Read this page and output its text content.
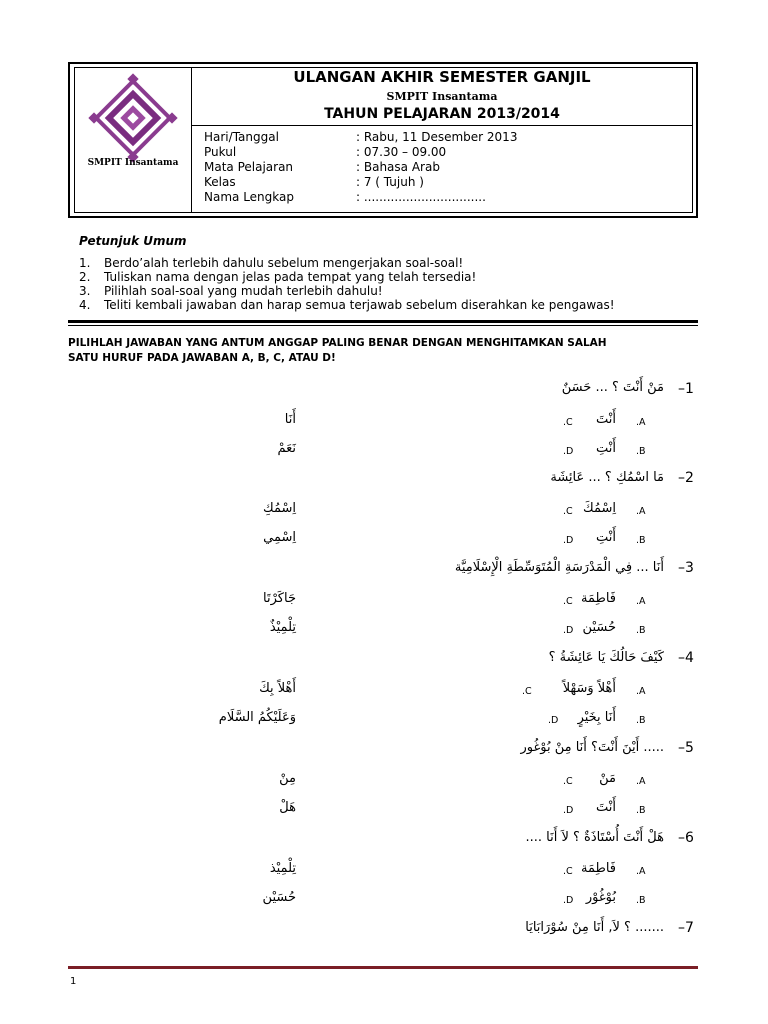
SMPIT Insantama
ULANGAN AKHIR SEMESTER GANJIL
SMPIT Insantama
TAHUN PELAJARAN 2013/2014
Hari/Tanggal	: Rabu, 11 Desember 2013
Pukul	: 07.30 – 09.00
Mata Pelajaran	: Bahasa Arab
Kelas	: 7 ( Tujuh )
Nama Lengkap	: ................................
Petunjuk Umum
1. Berdo’alah terlebih dahulu sebelum mengerjakan soal-soal!
2. Tuliskan nama dengan jelas pada tempat yang telah tersedia!
3. Pilihlah soal-soal yang mudah terlebih dahulu!
4. Teliti kembali jawaban dan harap semua terjawab sebelum diserahkan ke pengawas!
PILIHLAH JAWABAN YANG ANTUM ANGGAP PALING BENAR DENGAN MENGHITAMKAN SALAH
SATU HURUF PADA JAWABAN A, B, C, ATAU D!
–1
مَنْ أَنْتَ ؟ ... حَسَنٌ
.A
أَنْتَ
.C
أَنَا
.B
أَنْتِ
.D
نَعَمْ
–2
مَا اسْمُكِ ؟ ... عَائِشَة
.A
اِسْمُكَ
.C
اِسْمُكِ
.B
أَنْتِ
.D
اِسْمِي
–3
أَنَا ... فِي الْمَدْرَسَةِ الْمُتَوَسِّطَةِ الْإِسْلَامِيَّة
.A
فَاطِمَة
.C
جَاكَرْتَا
.B
حُسَيْن
.D
تِلْمِيْذٌ
–4
كَيْفَ حَالُكَ يَا عَائِشَةُ ؟
.A
أَهْلاً وَسَهْلاً
.C
أَهْلاً بِكَ
.B
أَنَا بِخَيْرٍ
.D
وَعَلَيْكُمُ السَّلَام
–5
..... أَيْنَ أَنْتَ؟ أَنَا مِنْ بُوْغُور
.A
مَنْ
.C
مِنْ
.B
أَنْتَ
.D
هَلْ
–6
هَلْ أَنْتَ أُسْتَاذَةٌ ؟ لاَ أَنَا ....
.A
فَاطِمَة
.C
تِلْمِيْذ
.B
بُوْغُوْر
.D
حُسَيْن
–7
....... ؟ لاَ, أَنَا مِنْ سُوْرَابَايَا
1
